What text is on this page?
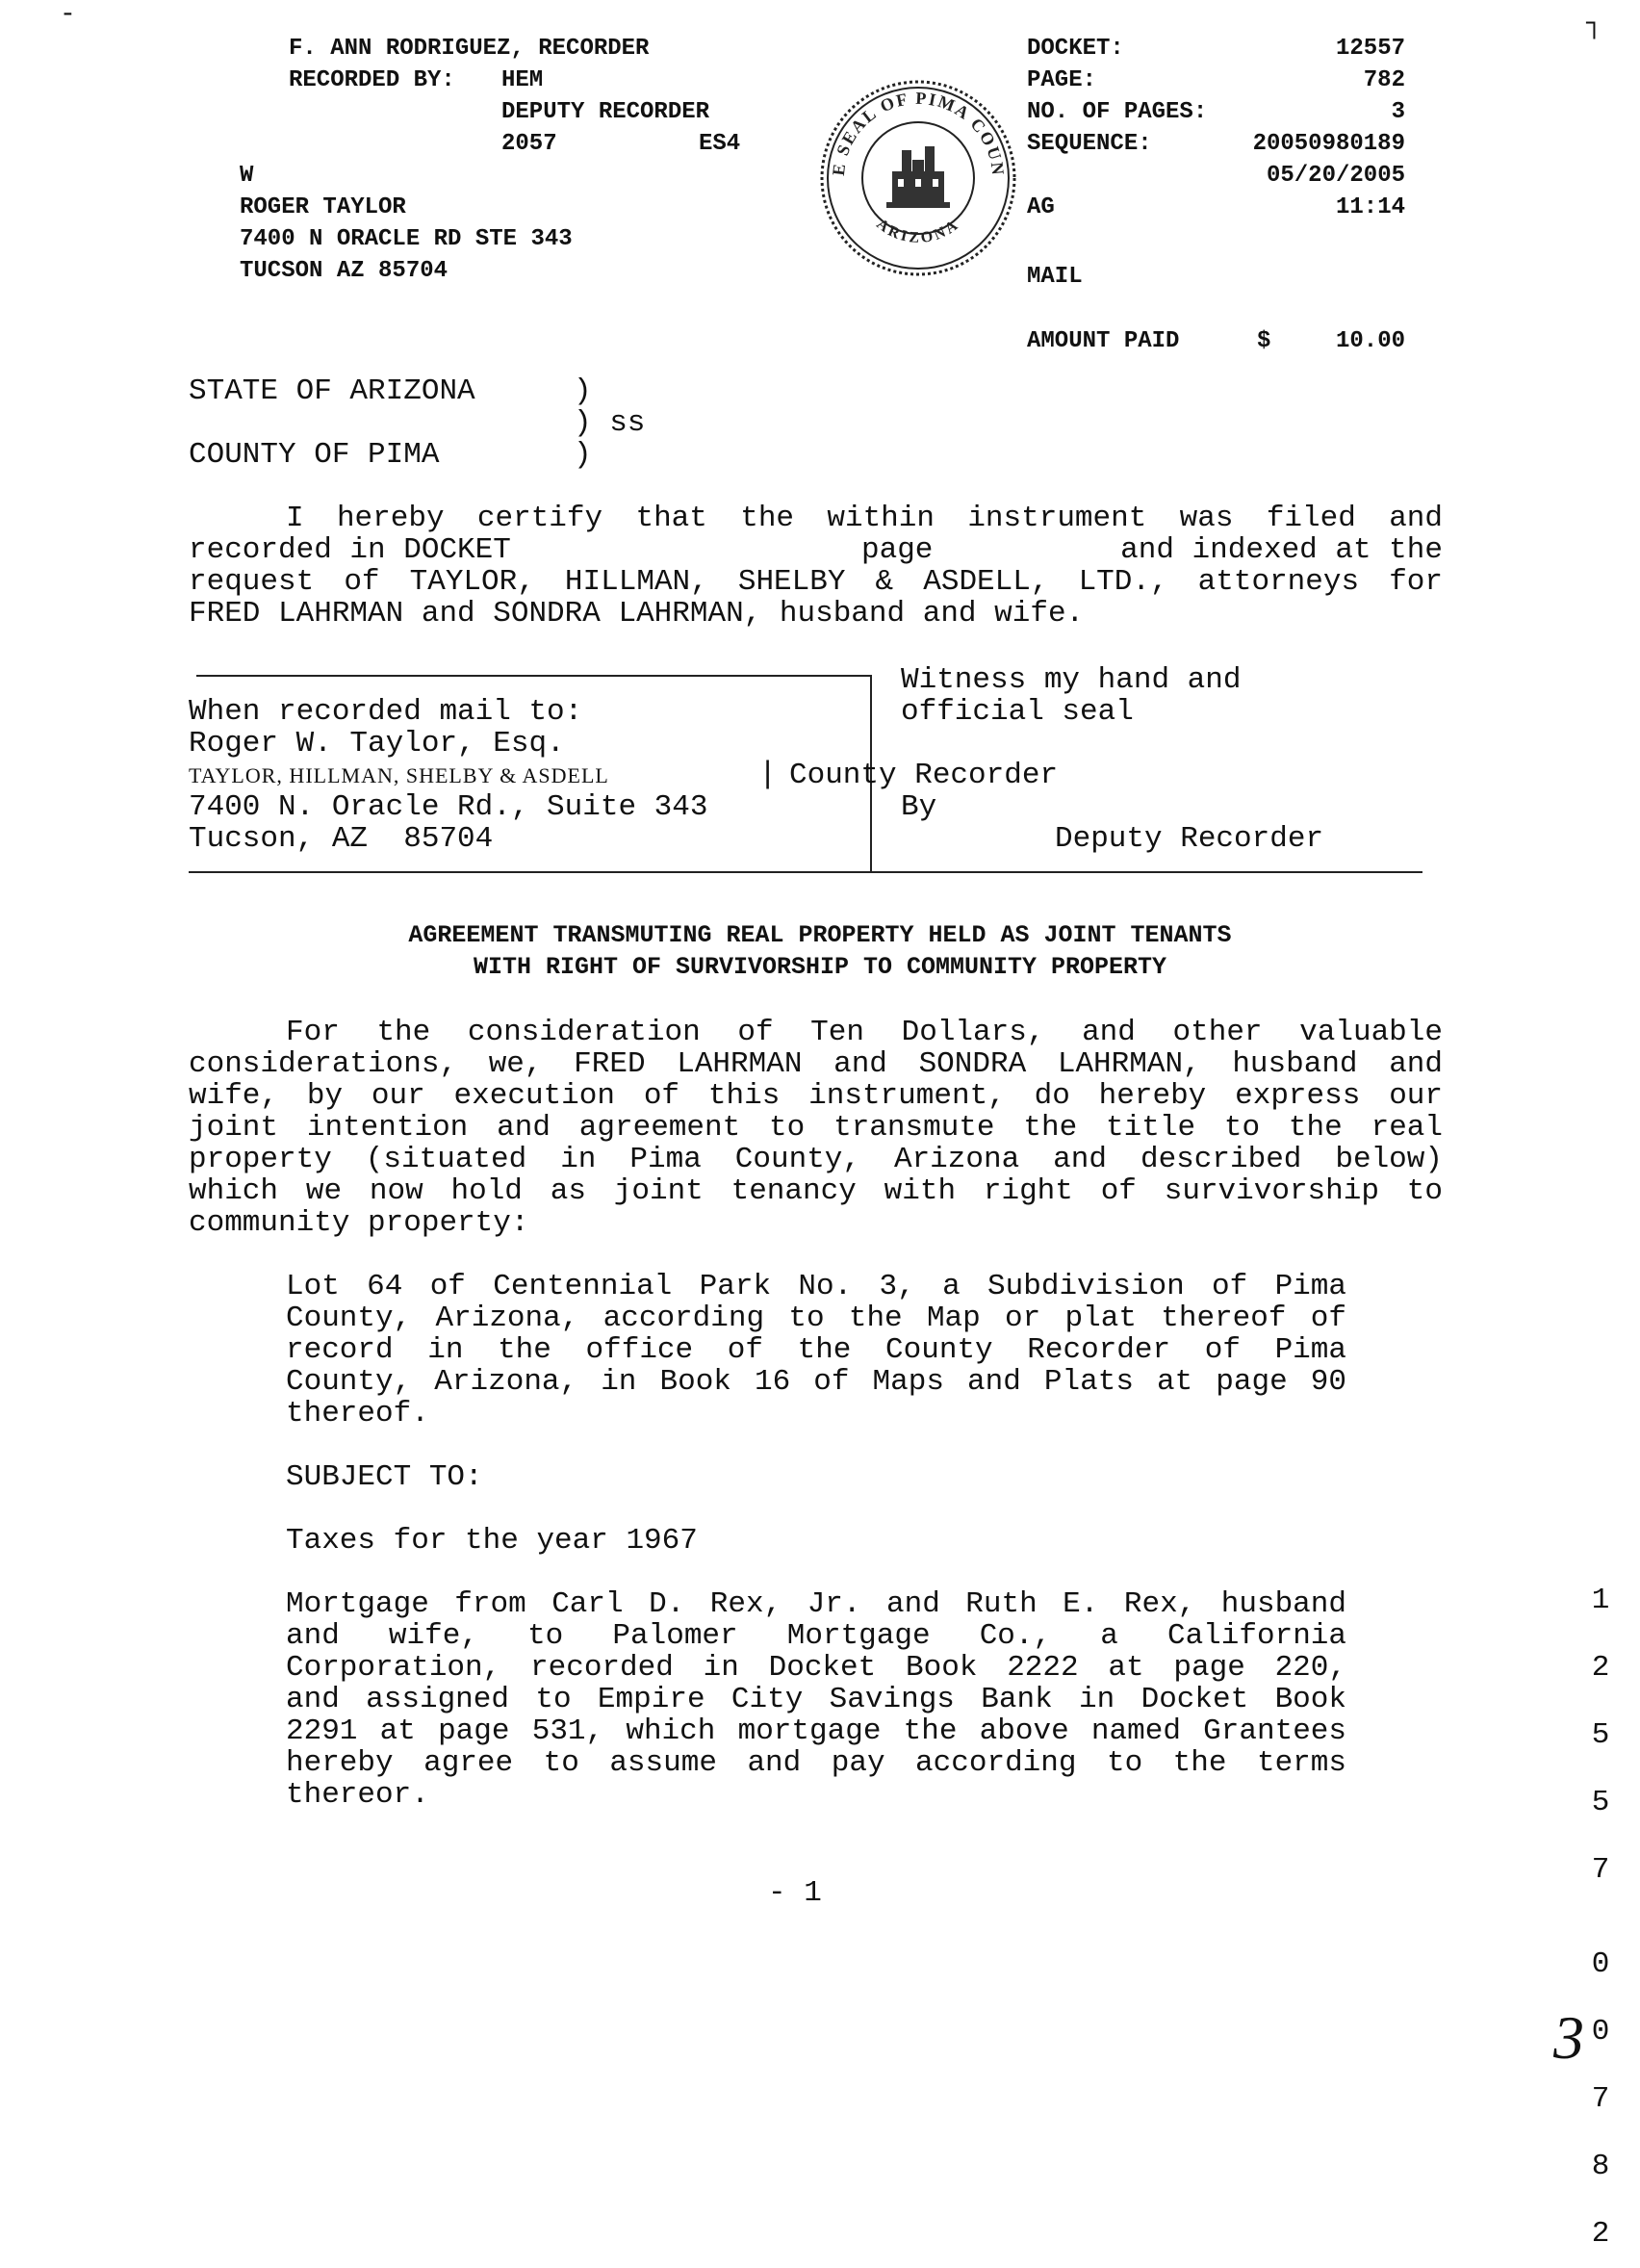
-	┐
F. ANN RODRIGUEZ, RECORDER
RECORDED BY: HEM
DEPUTY RECORDER
2057	ES4
W
ROGER TAYLOR
7400 N ORACLE RD STE 343
TUCSON AZ 85704

E SEAL OF PIMA COUN
ARIZONA

DOCKET:	12557
PAGE:	782
NO. OF PAGES:	3
SEQUENCE:	20050980189
05/20/2005
AG	11:14
MAIL
AMOUNT PAID	$	10.00
STATE OF ARIZONA	)
) ss
COUNTY OF PIMA	)
I hereby certify that the within instrument was filed and
recorded in DOCKET	page	and indexed at the
request of TAYLOR, HILLMAN, SHELBY & ASDELL, LTD., attorneys for
FRED LAHRMAN and SONDRA LAHRMAN, husband and wife.
When recorded mail to:
Roger W. Taylor, Esq.
TAYLOR, HILLMAN, SHELBY & ASDELL	|
7400 N. Oracle Rd., Suite 343
Tucson, AZ  85704
Witness my hand and
official seal
County Recorder
By
Deputy Recorder
AGREEMENT TRANSMUTING REAL PROPERTY HELD AS JOINT TENANTS
WITH RIGHT OF SURVIVORSHIP TO COMMUNITY PROPERTY
For the consideration of Ten Dollars, and other valuable
considerations, we, FRED LAHRMAN and SONDRA LAHRMAN, husband and
wife, by our execution of this instrument, do hereby express our
joint intention and agreement to transmute the title to the real
property (situated in Pima County, Arizona and described below)
which we now hold as joint tenancy with right of survivorship to
community property:
Lot 64 of Centennial Park No. 3, a Subdivision of Pima
County, Arizona, according to the Map or plat thereof of
record in the office of the County Recorder of Pima
County, Arizona, in Book 16 of Maps and Plats at page 90
thereof.
SUBJECT TO:
Taxes for the year 1967
Mortgage from Carl D. Rex, Jr. and Ruth E. Rex, husband
and wife, to Palomer Mortgage Co., a California
Corporation, recorded in Docket Book 2222 at page 220,
and assigned to Empire City Savings Bank in Docket Book
2291 at page 531, which mortgage the above named Grantees
hereby agree to assume and pay according to the terms
thereor.
- 1

1

2

5

5

7

0

0

7

8

2

3
